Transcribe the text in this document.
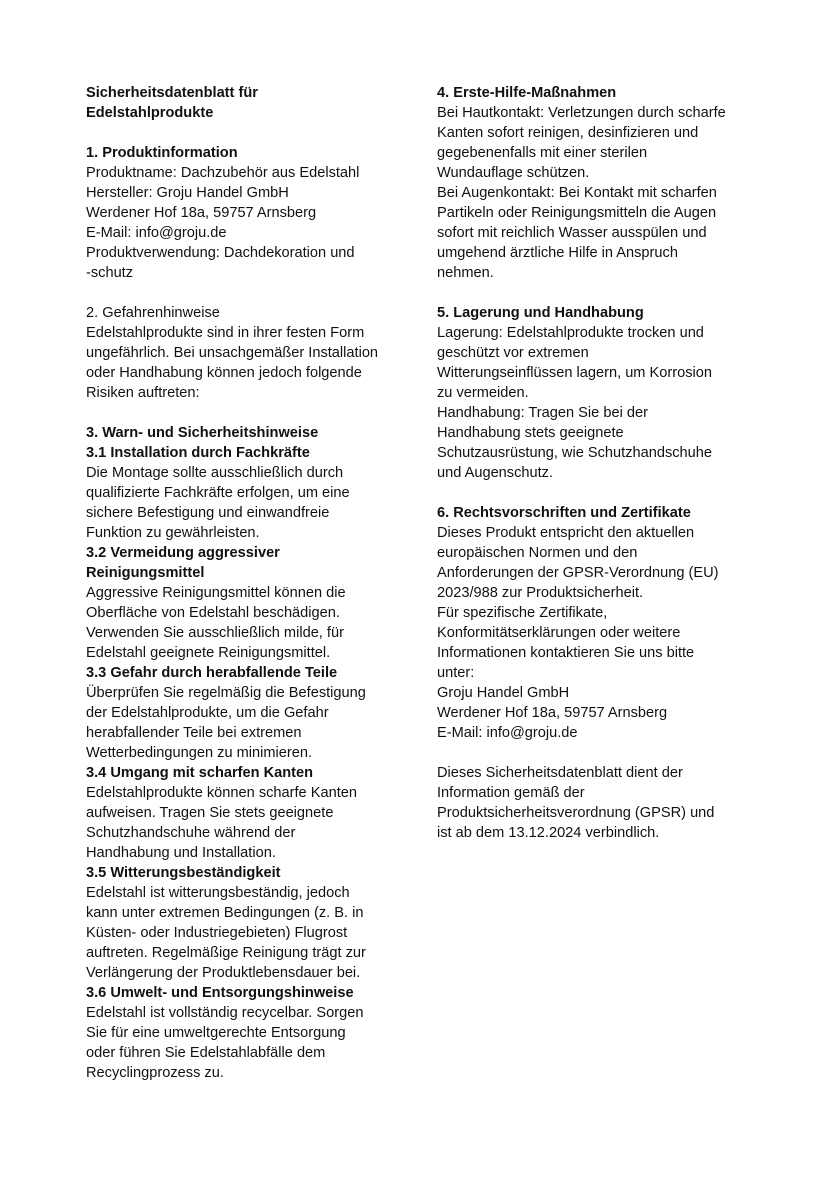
Sicherheitsdatenblatt für
Edelstahlprodukte
1. Produktinformation
Produktname: Dachzubehör aus Edelstahl
Hersteller: Groju Handel GmbH
Werdener Hof 18a, 59757 Arnsberg
E-Mail: info@groju.de
Produktverwendung: Dachdekoration und
-schutz
2. Gefahrenhinweise
Edelstahlprodukte sind in ihrer festen Form
ungefährlich. Bei unsachgemäßer Installation
oder Handhabung können jedoch folgende
Risiken auftreten:
3. Warn- und Sicherheitshinweise
3.1 Installation durch Fachkräfte
Die Montage sollte ausschließlich durch
qualifizierte Fachkräfte erfolgen, um eine
sichere Befestigung und einwandfreie
Funktion zu gewährleisten.
3.2 Vermeidung aggressiver
Reinigungsmittel
Aggressive Reinigungsmittel können die
Oberfläche von Edelstahl beschädigen.
Verwenden Sie ausschließlich milde, für
Edelstahl geeignete Reinigungsmittel.
3.3 Gefahr durch herabfallende Teile
Überprüfen Sie regelmäßig die Befestigung
der Edelstahlprodukte, um die Gefahr
herabfallender Teile bei extremen
Wetterbedingungen zu minimieren.
3.4 Umgang mit scharfen Kanten
Edelstahlprodukte können scharfe Kanten
aufweisen. Tragen Sie stets geeignete
Schutzhandschuhe während der
Handhabung und Installation.
3.5 Witterungsbeständigkeit
Edelstahl ist witterungsbeständig, jedoch
kann unter extremen Bedingungen (z. B. in
Küsten- oder Industriegebieten) Flugrost
auftreten. Regelmäßige Reinigung trägt zur
Verlängerung der Produktlebensdauer bei.
3.6 Umwelt- und Entsorgungshinweise
Edelstahl ist vollständig recycelbar. Sorgen
Sie für eine umweltgerechte Entsorgung
oder führen Sie Edelstahlabfälle dem
Recyclingprozess zu.
4. Erste-Hilfe-Maßnahmen
Bei Hautkontakt: Verletzungen durch scharfe
Kanten sofort reinigen, desinfizieren und
gegebenenfalls mit einer sterilen
Wundauflage schützen.
Bei Augenkontakt: Bei Kontakt mit scharfen
Partikeln oder Reinigungsmitteln die Augen
sofort mit reichlich Wasser ausspülen und
umgehend ärztliche Hilfe in Anspruch
nehmen.
5. Lagerung und Handhabung
Lagerung: Edelstahlprodukte trocken und
geschützt vor extremen
Witterungseinflüssen lagern, um Korrosion
zu vermeiden.
Handhabung: Tragen Sie bei der
Handhabung stets geeignete
Schutzausrüstung, wie Schutzhandschuhe
und Augenschutz.
6. Rechtsvorschriften und Zertifikate
Dieses Produkt entspricht den aktuellen
europäischen Normen und den
Anforderungen der GPSR-Verordnung (EU)
2023/988 zur Produktsicherheit.
Für spezifische Zertifikate,
Konformitätserklärungen oder weitere
Informationen kontaktieren Sie uns bitte
unter:
Groju Handel GmbH
Werdener Hof 18a, 59757 Arnsberg
E-Mail: info@groju.de
Dieses Sicherheitsdatenblatt dient der
Information gemäß der
Produktsicherheitsverordnung (GPSR) und
ist ab dem 13.12.2024 verbindlich.
